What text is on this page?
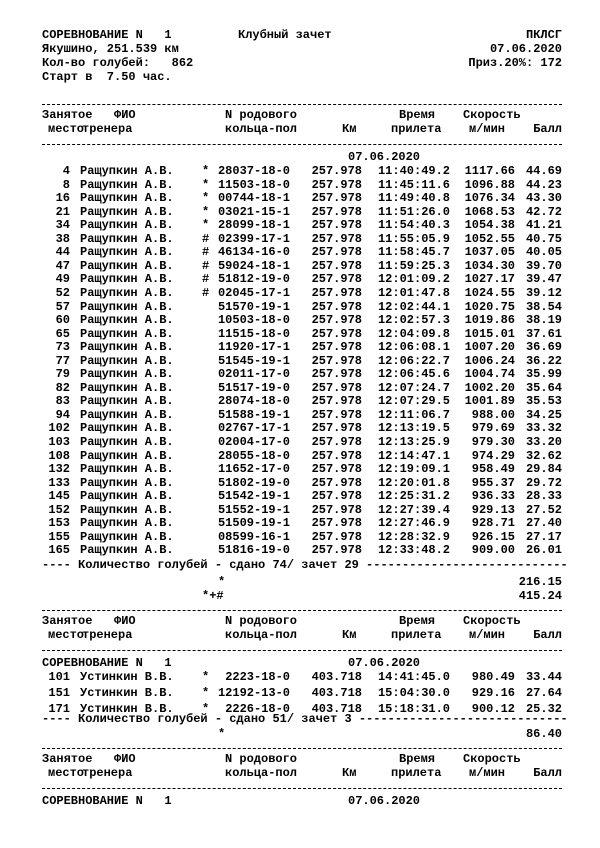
СОРЕВНОВАНИЕ N   1	Клубный зачет	ПКЛСГ
Якушино, 251.539 км	07.06.2020
Кол-во голубей:   862	Приз.20%: 172
Старт в  7.50 час.
Занятое ФИО	N родового	Время Скорость
место
тренера	кольца-пол	Км	прилета м/мин	Балл
07.06.2020
4 Ращупкин А.В. * 28037-18-0	257.978	11:40:49.2	1117.66 44.69
8 Ращупкин А.В. * 11503-18-0	257.978	11:45:11.6	1096.88 44.23
16 Ращупкин А.В. * 00744-18-1	257.978	11:49:40.8	1076.34 43.30
21 Ращупкин А.В. * 03021-15-1	257.978	11:51:26.0	1068.53 42.72
34 Ращупкин А.В. * 28099-18-1	257.978	11:54:40.3	1054.38 41.21
38 Ращупкин А.В. # 02399-17-1	257.978	11:55:05.9	1052.55 40.75
44 Ращупкин А.В. # 46134-16-0	257.978	11:58:45.7	1037.05 40.05
47 Ращупкин А.В. # 59024-18-1	257.978	11:59:25.3	1034.30 39.70
49 Ращупкин А.В. # 51812-19-0	257.978	12:01:09.2	1027.17 39.47
52 Ращупкин А.В. # 02045-17-1	257.978	12:01:47.8	1024.55 39.12
57 Ращупкин А.В.	51570-19-1	257.978	12:02:44.1	1020.75 38.54
60 Ращупкин А.В.	10503-18-0	257.978	12:02:57.3	1019.86 38.19
65 Ращупкин А.В.	11515-18-0	257.978	12:04:09.8	1015.01 37.61
73 Ращупкин А.В.	11920-17-1	257.978	12:06:08.1	1007.20 36.69
77 Ращупкин А.В.	51545-19-1	257.978	12:06:22.7	1006.24 36.22
79 Ращупкин А.В.	02011-17-0	257.978	12:06:45.6	1004.74 35.99
82 Ращупкин А.В.	51517-19-0	257.978	12:07:24.7	1002.20 35.64
83 Ращупкин А.В.	28074-18-0	257.978	12:07:29.5	1001.89 35.53
94 Ращупкин А.В.	51588-19-1	257.978	12:11:06.7	988.00 34.25
102 Ращупкин А.В.	02767-17-1	257.978	12:13:19.5	979.69 33.32
103 Ращупкин А.В.	02004-17-0	257.978	12:13:25.9	979.30 33.20
108 Ращупкин А.В.	28055-18-0	257.978	12:14:47.1	974.29 32.62
132 Ращупкин А.В.	11652-17-0	257.978	12:19:09.1	958.49 29.84
133 Ращупкин А.В.	51802-19-0	257.978	12:20:01.8	955.37 29.72
145 Ращупкин А.В.	51542-19-1	257.978	12:25:31.2	936.33 28.33
152 Ращупкин А.В.	51552-19-1	257.978	12:27:39.4	929.13 27.52
153 Ращупкин А.В.	51509-19-1	257.978	12:27:46.9	928.71 27.40
155 Ращупкин А.В.	08599-16-1	257.978	12:28:32.9	926.15 27.17
165 Ращупкин А.В.	51816-19-0	257.978	12:33:48.2	909.00 26.01
---- Количество голубей - сдано 74/ зачет 29 ----------------------------
*	216.15
*+#	415.24
Занятое ФИО	N родового	Время Скорость
место
тренера	кольца-пол	Км	прилета м/мин	Балл
СОРЕВНОВАНИЕ N   1	07.06.2020
101 Устинкин В.В. *	2223-18-0	403.718	14:41:45.0	980.49 33.44
151 Устинкин В.В. * 12192-13-0	403.718	15:04:30.0	929.16 27.64
171 Устинкин В.В. *	2226-18-0	403.718	15:18:31.0	900.12 25.32
---- Количество голубей - сдано 51/ зачет 3 -----------------------------
*	86.40
Занятое ФИО	N родового	Время Скорость
место
тренера	кольца-пол	Км	прилета м/мин	Балл
СОРЕВНОВАНИЕ N   1	07.06.2020
